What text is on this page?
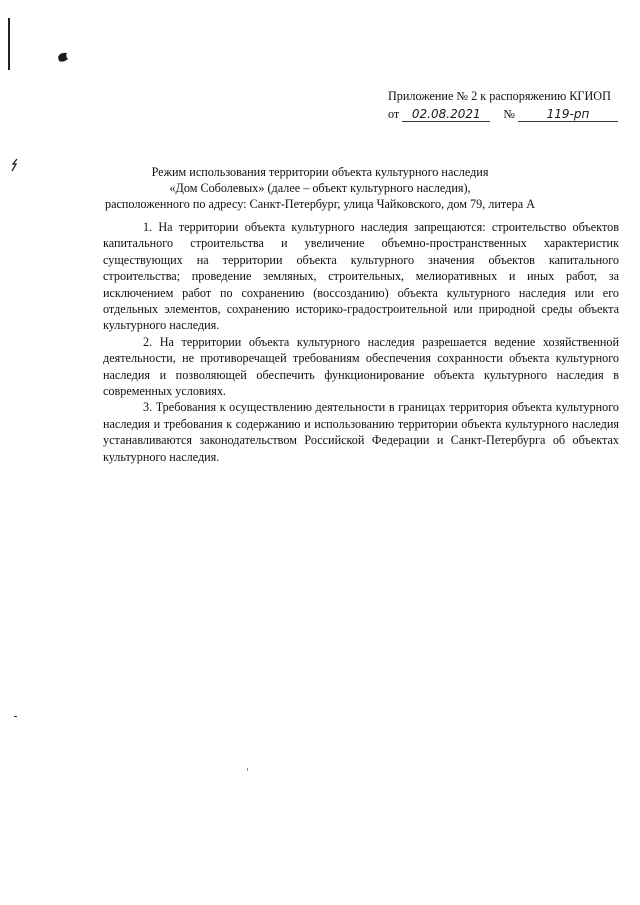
Приложение № 2 к распоряжению КГИОП
от 02.08.2021 №	119-рп
Режим использования территории объекта культурного наследия
«Дом Соболевых» (далее – объект культурного наследия),
расположенного по адресу: Санкт-Петербург, улица Чайковского, дом 79, литера А

1. На территории объекта культурного наследия запрещаются: строительство объектов капитального строительства и увеличение объемно-пространственных характеристик существующих на территории объекта культурного значения объектов капитального строительства; проведение земляных, строительных, мелиоративных и иных работ, за исключением работ по сохранению (воссозданию) объекта культурного наследия или его отдельных элементов, сохранению историко-градостроительной или природной среды объекта культурного наследия.

2. На территории объекта культурного наследия разрешается ведение хозяйственной деятельности, не противоречащей требованиям обеспечения сохранности объекта культурного наследия и позволяющей обеспечить функционирование объекта культурного наследия в современных условиях.

3. Требования к осуществлению деятельности в границах территория объекта культурного наследия и требования к содержанию и использованию территории объекта культурного наследия устанавливаются законодательством Российской Федерации и Санкт-Петербурга об объектах культурного наследия.
